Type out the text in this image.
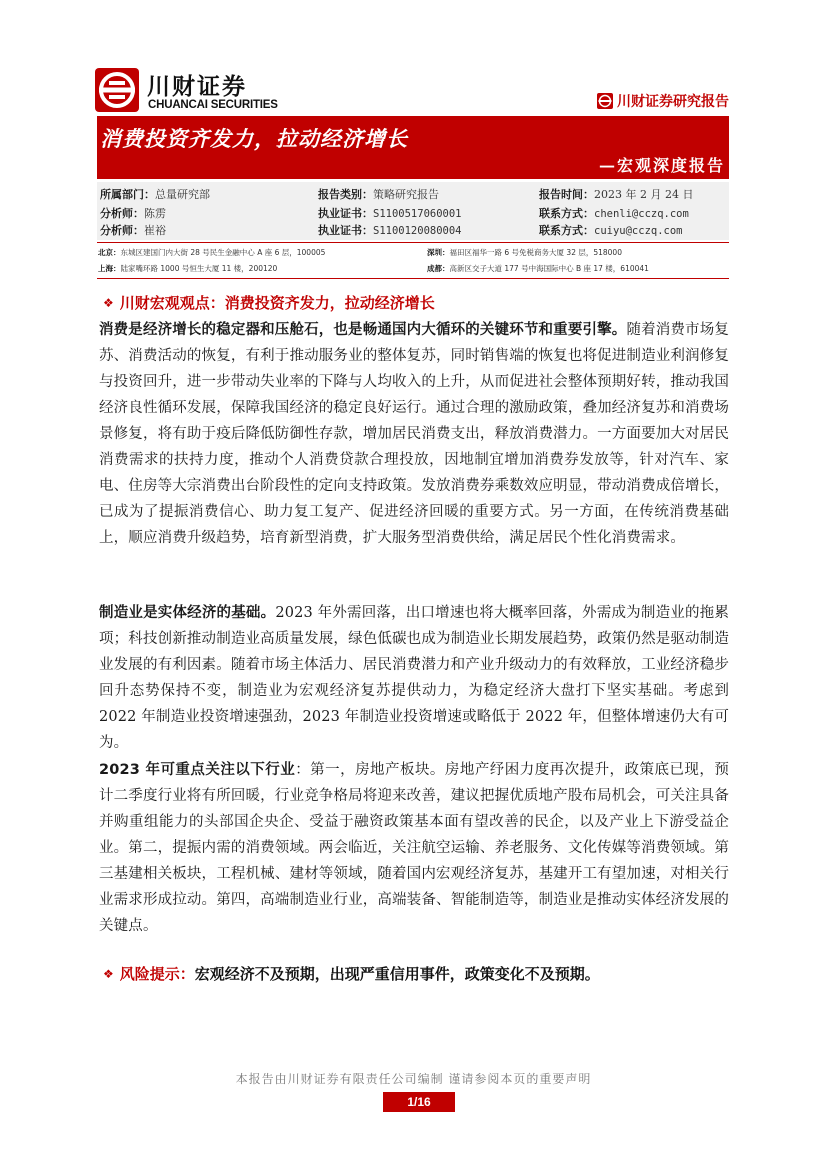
川财证券
CHUANCAI SECURITIES	川财证券研究报告
消费投资齐发力，拉动经济增长
—宏观深度报告
所属部门：总量研究部	报告类别：策略研究报告	报告时间：2023 年 2 月 24 日
分析师：陈雳	执业证书：S1100517060001	联系方式：chenli@cczq.com
分析师：崔裕	执业证书：S1100120080004	联系方式：cuiyu@cczq.com
北京：东城区建国门内大街 28 号民生金融中心 A 座 6 层，100005	深圳：福田区福华一路 6 号免税商务大厦 32 层，518000
上海：陆家嘴环路 1000 号恒生大厦 11 楼，200120	成都：高新区交子大道 177 号中海国际中心 B 座 17 楼，610041
❖ 川财宏观观点：消费投资齐发力，拉动经济增长
消费是经济增长的稳定器和压舱石，也是畅通国内大循环的关键环节和重要引擎。随着消费市场复苏、消费活动的恢复，有利于推动服务业的整体复苏，同时销售端的恢复也将促进制造业利润修复与投资回升，进一步带动失业率的下降与人均收入的上升，从而促进社会整体预期好转，推动我国经济良性循环发展，保障我国经济的稳定良好运行。通过合理的激励政策，叠加经济复苏和消费场景修复，将有助于疫后降低防御性存款，增加居民消费支出，释放消费潜力。一方面要加大对居民消费需求的扶持力度，推动个人消费贷款合理投放，因地制宜增加消费券发放等，针对汽车、家电、住房等大宗消费出台阶段性的定向支持政策。发放消费券乘数效应明显，带动消费成倍增长，已成为了提振消费信心、助力复工复产、促进经济回暖的重要方式。另一方面，在传统消费基础上，顺应消费升级趋势，培育新型消费，扩大服务型消费供给，满足居民个性化消费需求。
制造业是实体经济的基础。2023 年外需回落，出口增速也将大概率回落，外需成为制造业的拖累项；科技创新推动制造业高质量发展，绿色低碳也成为制造业长期发展趋势，政策仍然是驱动制造业发展的有利因素。随着市场主体活力、居民消费潜力和产业升级动力的有效释放，工业经济稳步回升态势保持不变，制造业为宏观经济复苏提供动力，为稳定经济大盘打下坚实基础。考虑到 2022 年制造业投资增速强劲，2023 年制造业投资增速或略低于 2022 年，但整体增速仍大有可为。
2023 年可重点关注以下行业：第一，房地产板块。房地产纾困力度再次提升，政策底已现，预计二季度行业将有所回暖，行业竞争格局将迎来改善，建议把握优质地产股布局机会，可关注具备并购重组能力的头部国企央企、受益于融资政策基本面有望改善的民企，以及产业上下游受益企业。第二，提振内需的消费领域。两会临近，关注航空运输、养老服务、文化传媒等消费领域。第三基建相关板块，工程机械、建材等领域，随着国内宏观经济复苏，基建开工有望加速，对相关行业需求形成拉动。第四，高端制造业行业，高端装备、智能制造等，制造业是推动实体经济发展的关键点。
❖ 风险提示：宏观经济不及预期，出现严重信用事件，政策变化不及预期。
本报告由川财证券有限责任公司编制 谨请参阅本页的重要声明
1/16
